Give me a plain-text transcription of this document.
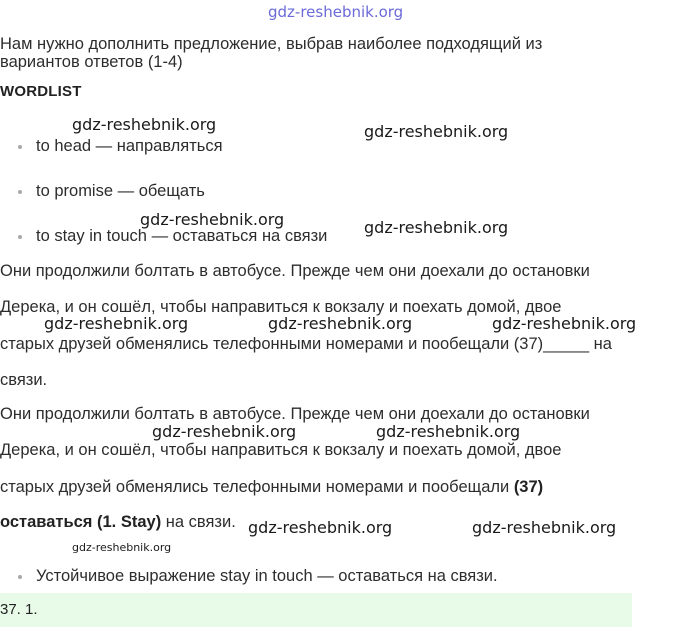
gdz-reshebnik.org
Нам нужно дополнить предложение, выбрав наиболее подходящий из
вариантов ответов (1-4)
WORDLIST
gdz-reshebnik.org	gdz-reshebnik.org
to head — направляться
to promise — обещать
gdz-reshebnik.org	gdz-reshebnik.org
to stay in touch — оставаться на связи
Они продолжили болтать в автобусе. Прежде чем они доехали до остановки
Дерека, и он сошёл, чтобы направиться к вокзалу и поехать домой, двое
gdz-reshebnik.org	gdz-reshebnik.org	gdz-reshebnik.org
старых друзей обменялись телефонными номерами и пообещали (37)_____ на
связи.
Они продолжили болтать в автобусе. Прежде чем они доехали до остановки
gdz-reshebnik.org	gdz-reshebnik.org
Дерека, и он сошёл, чтобы направиться к вокзалу и поехать домой, двое
старых друзей обменялись телефонными номерами и пообещали (37)
оставаться (1. Stay) на связи. gdz-reshebnik.org	gdz-reshebnik.org
gdz-reshebnik.org
Устойчивое выражение stay in touch — оставаться на связи.
37. 1.
